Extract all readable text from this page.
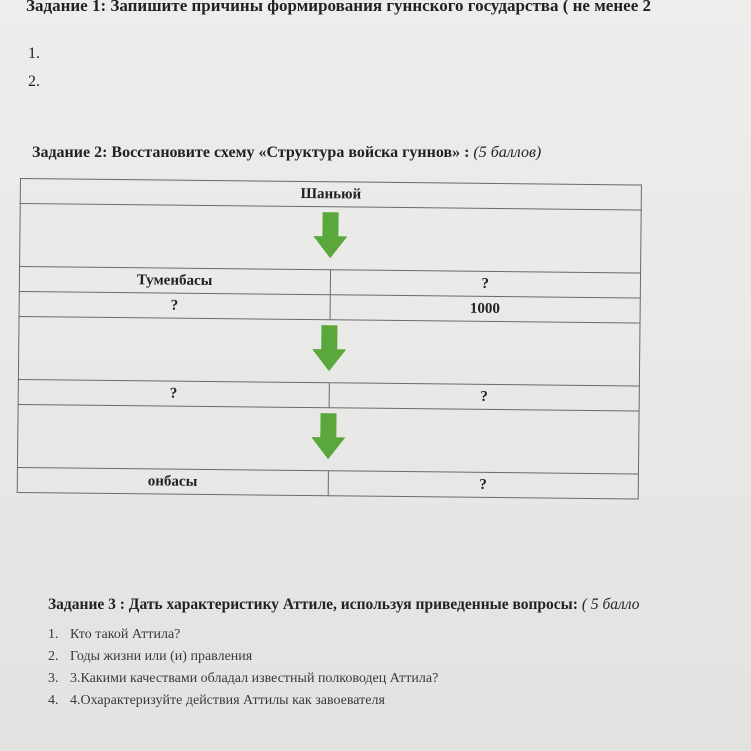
Задание 1: Запишите причины формирования гуннского государства ( не менее 2
1.
2.
Задание 2: Восстановите схему «Структура войска гуннов» : (5 баллов)
Шаньюй	

Туменбасы	?
?	1000

?	?

онбасы	?
Задание 3 : Дать характеристику Аттиле, используя приведенные вопросы: ( 5 балло
1. Кто такой Аттила?
2. Годы жизни или (и) правления
3. 3.Какими качествами обладал известный полководец Аттила?
4. 4.Охарактеризуйте действия Аттилы как завоевателя
